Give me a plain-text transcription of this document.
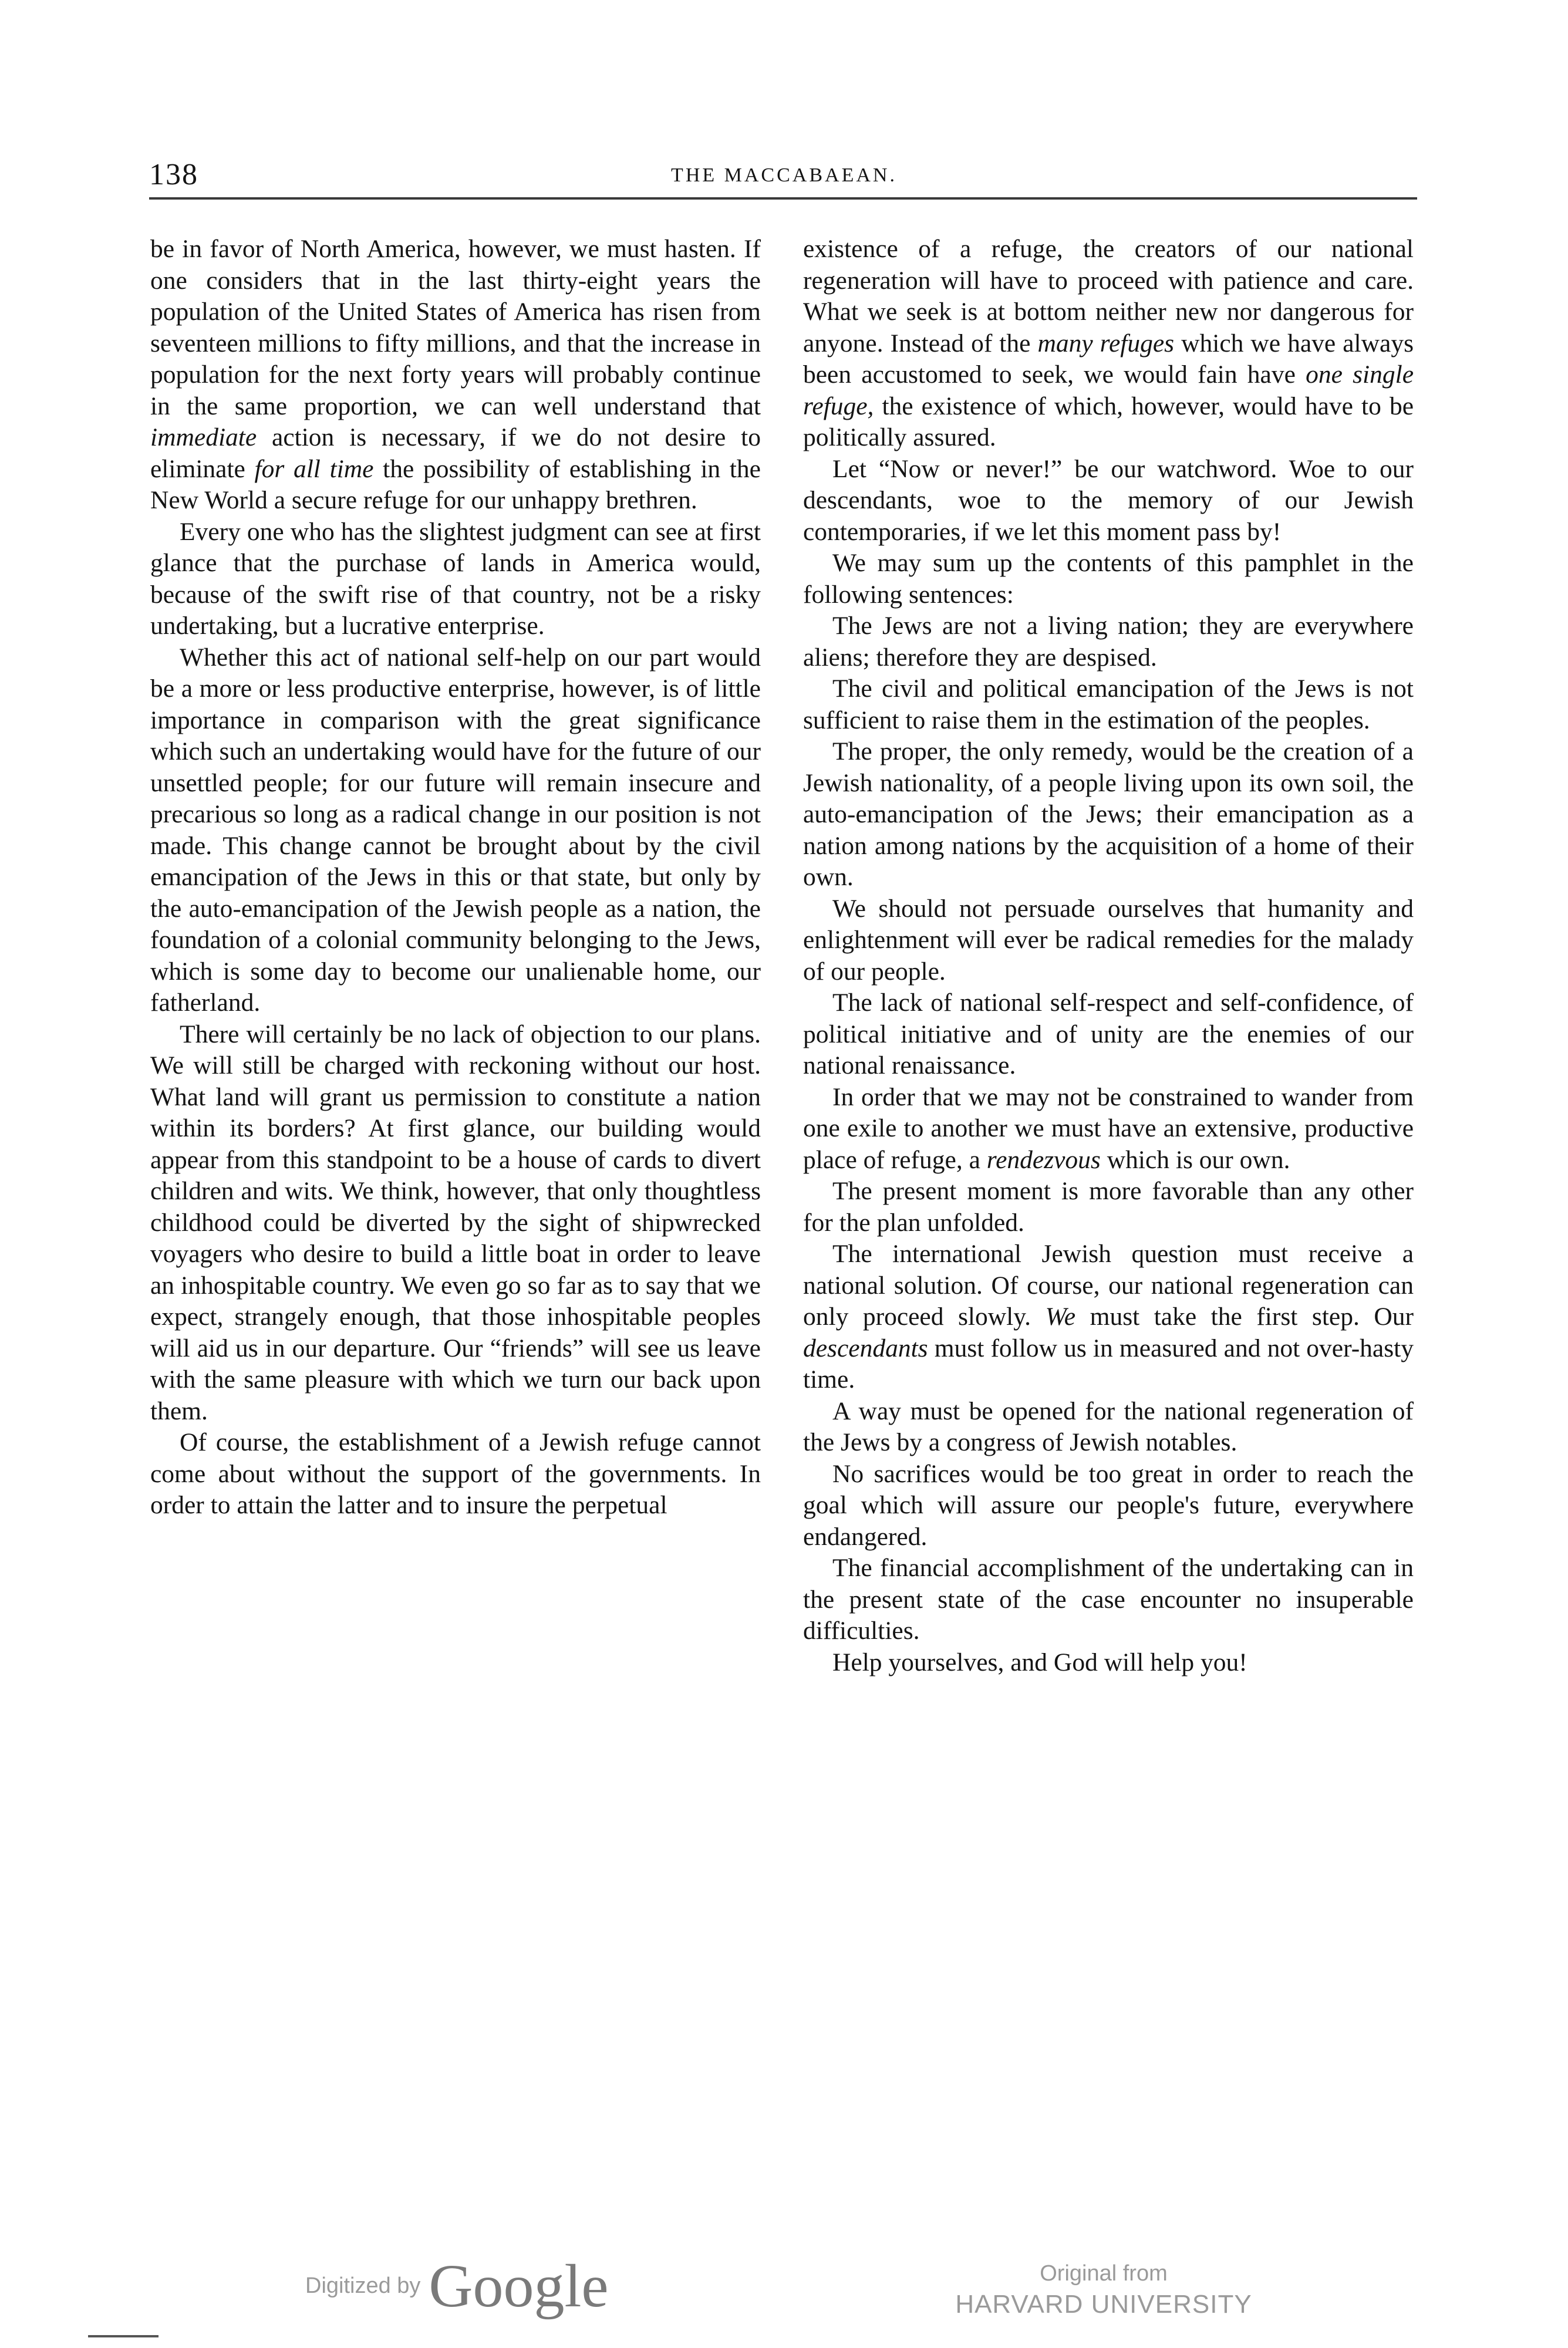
138	THE MACCABAEAN.

be in favor of North America, however, we must hasten. If one considers that in the last thirty-eight years the population of the United States of America has risen from seventeen millions to fifty millions, and that the increase in population for the next forty years will probably continue in the same proportion, we can well understand that immediate action is necessary, if we do not desire to eliminate for all time the possibility of establishing in the New World a secure refuge for our unhappy brethren.

Every one who has the slightest judgment can see at first glance that the purchase of lands in America would, because of the swift rise of that country, not be a risky undertaking, but a lucrative enterprise.

Whether this act of national self-help on our part would be a more or less productive enterprise, however, is of little importance in comparison with the great significance which such an undertaking would have for the future of our unsettled people; for our future will remain insecure and precarious so long as a radical change in our position is not made. This change cannot be brought about by the civil emancipation of the Jews in this or that state, but only by the auto-emancipation of the Jewish people as a nation, the foundation of a colonial community belonging to the Jews, which is some day to become our unalienable home, our fatherland.

There will certainly be no lack of objection to our plans. We will still be charged with reckoning without our host. What land will grant us permission to constitute a nation within its borders? At first glance, our building would appear from this standpoint to be a house of cards to divert children and wits. We think, however, that only thoughtless childhood could be diverted by the sight of shipwrecked voyagers who desire to build a little boat in order to leave an inhospitable country. We even go so far as to say that we expect, strangely enough, that those inhospitable peoples will aid us in our departure. Our “friends” will see us leave with the same pleasure with which we turn our back upon them.

Of course, the establishment of a Jewish refuge cannot come about without the support of the governments. In order to attain the latter and to insure the perpetual

existence of a refuge, the creators of our national regeneration will have to proceed with patience and care. What we seek is at bottom neither new nor dangerous for anyone. Instead of the many refuges which we have always been accustomed to seek, we would fain have one single refuge, the existence of which, however, would have to be politically assured.

Let “Now or never!” be our watchword. Woe to our descendants, woe to the memory of our Jewish contemporaries, if we let this moment pass by!

We may sum up the contents of this pamphlet in the following sentences:

The Jews are not a living nation; they are everywhere aliens; therefore they are despised.

The civil and political emancipation of the Jews is not sufficient to raise them in the estimation of the peoples.

The proper, the only remedy, would be the creation of a Jewish nationality, of a people living upon its own soil, the auto-emancipation of the Jews; their emancipation as a nation among nations by the acquisition of a home of their own.

We should not persuade ourselves that humanity and enlightenment will ever be radical remedies for the malady of our people.

The lack of national self-respect and self-confidence, of political initiative and of unity are the enemies of our national renaissance.

In order that we may not be constrained to wander from one exile to another we must have an extensive, productive place of refuge, a rendezvous which is our own.

The present moment is more favorable than any other for the plan unfolded.

The international Jewish question must receive a national solution. Of course, our national regeneration can only proceed slowly. We must take the first step. Our descendants must follow us in measured and not over-hasty time.

A way must be opened for the national regeneration of the Jews by a congress of Jewish notables.

No sacrifices would be too great in order to reach the goal which will assure our people's future, everywhere endangered.

The financial accomplishment of the undertaking can in the present state of the case encounter no insuperable difficulties.

Help yourselves, and God will help you!

Digitized by Google	Original from
HARVARD UNIVERSITY
